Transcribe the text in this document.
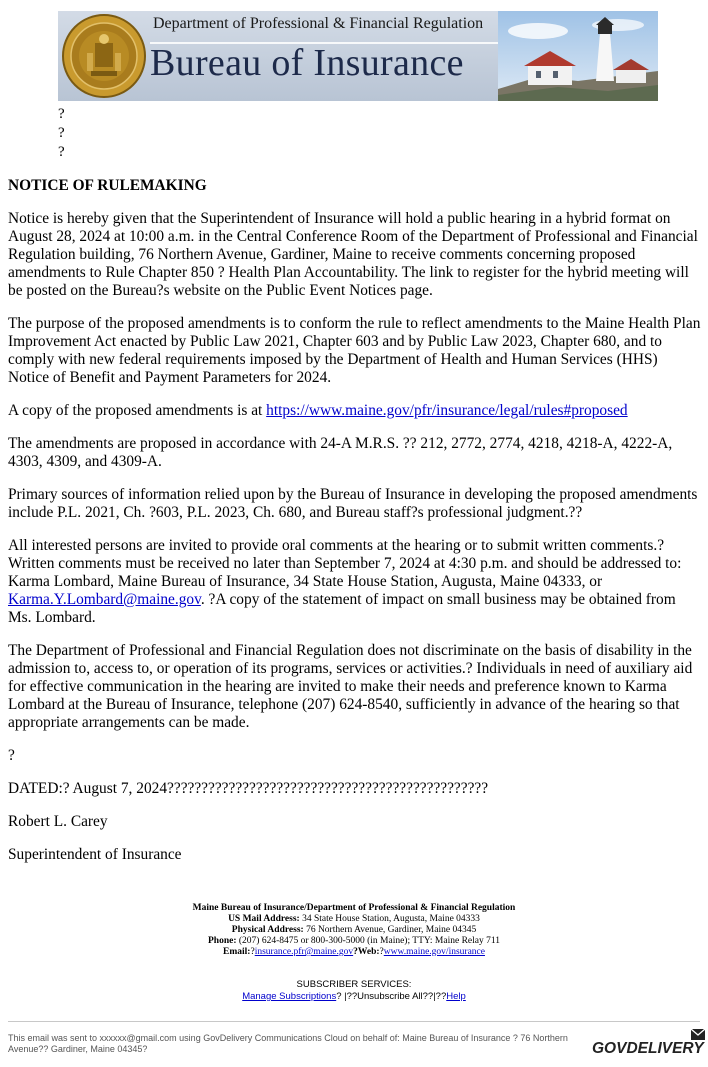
Department of Professional & Financial Regulation
Bureau of Insurance
?
?
?
NOTICE OF RULEMAKING

Notice is hereby given that the Superintendent of Insurance will hold a public hearing in a hybrid format on August 28, 2024 at 10:00 a.m. in the Central Conference Room of the Department of Professional and Financial Regulation building, 76 Northern Avenue, Gardiner, Maine to receive comments concerning proposed amendments to Rule Chapter 850 ? Health Plan Accountability. The link to register for the hybrid meeting will be posted on the Bureau?s website on the Public Event Notices page.

The purpose of the proposed amendments is to conform the rule to reflect amendments to the Maine Health Plan Improvement Act enacted by Public Law 2021, Chapter 603 and by Public Law 2023, Chapter 680, and to comply with new federal requirements imposed by the Department of Health and Human Services (HHS) Notice of Benefit and Payment Parameters for 2024.

A copy of the proposed amendments is at https://www.maine.gov/pfr/insurance/legal/rules#proposed

The amendments are proposed in accordance with 24-A M.R.S. ?? 212, 2772, 2774, 4218, 4218-A, 4222-A, 4303, 4309, and 4309-A.

Primary sources of information relied upon by the Bureau of Insurance in developing the proposed amendments include P.L. 2021, Ch. ?603, P.L. 2023, Ch. 680, and Bureau staff?s professional judgment.??

All interested persons are invited to provide oral comments at the hearing or to submit written comments.? Written comments must be received no later than September 7, 2024 at 4:30 p.m. and should be addressed to: Karma Lombard, Maine Bureau of Insurance, 34 State House Station, Augusta, Maine 04333, or Karma.Y.Lombard@maine.gov. ?A copy of the statement of impact on small business may be obtained from Ms. Lombard.

The Department of Professional and Financial Regulation does not discriminate on the basis of disability in the admission to, access to, or operation of its programs, services or activities.? Individuals in need of auxiliary aid for effective communication in the hearing are invited to make their needs and preference known to Karma Lombard at the Bureau of Insurance, telephone (207) 624-8540, sufficiently in advance of the hearing so that appropriate arrangements can be made.

?

DATED:? August 7, 2024???????????????????????????????????????????????

Robert L. Carey

Superintendent of Insurance

Maine Bureau of Insurance/Department of Professional & Financial Regulation
US Mail Address: 34 State House Station, Augusta, Maine 04333
Physical Address: 76 Northern Avenue, Gardiner, Maine 04345
Phone: (207) 624-8475 or 800-300-5000 (in Maine); TTY: Maine Relay 711
Email:?insurance.pfr@maine.gov?Web:?www.maine.gov/insurance
SUBSCRIBER SERVICES:
Manage Subscriptions? |??Unsubscribe All??|??Help
This email was sent to xxxxxx@gmail.com using GovDelivery Communications Cloud on behalf of: Maine Bureau of Insurance ? 76 Northern Avenue?? Gardiner, Maine 04345?	GOVDELIVERY
